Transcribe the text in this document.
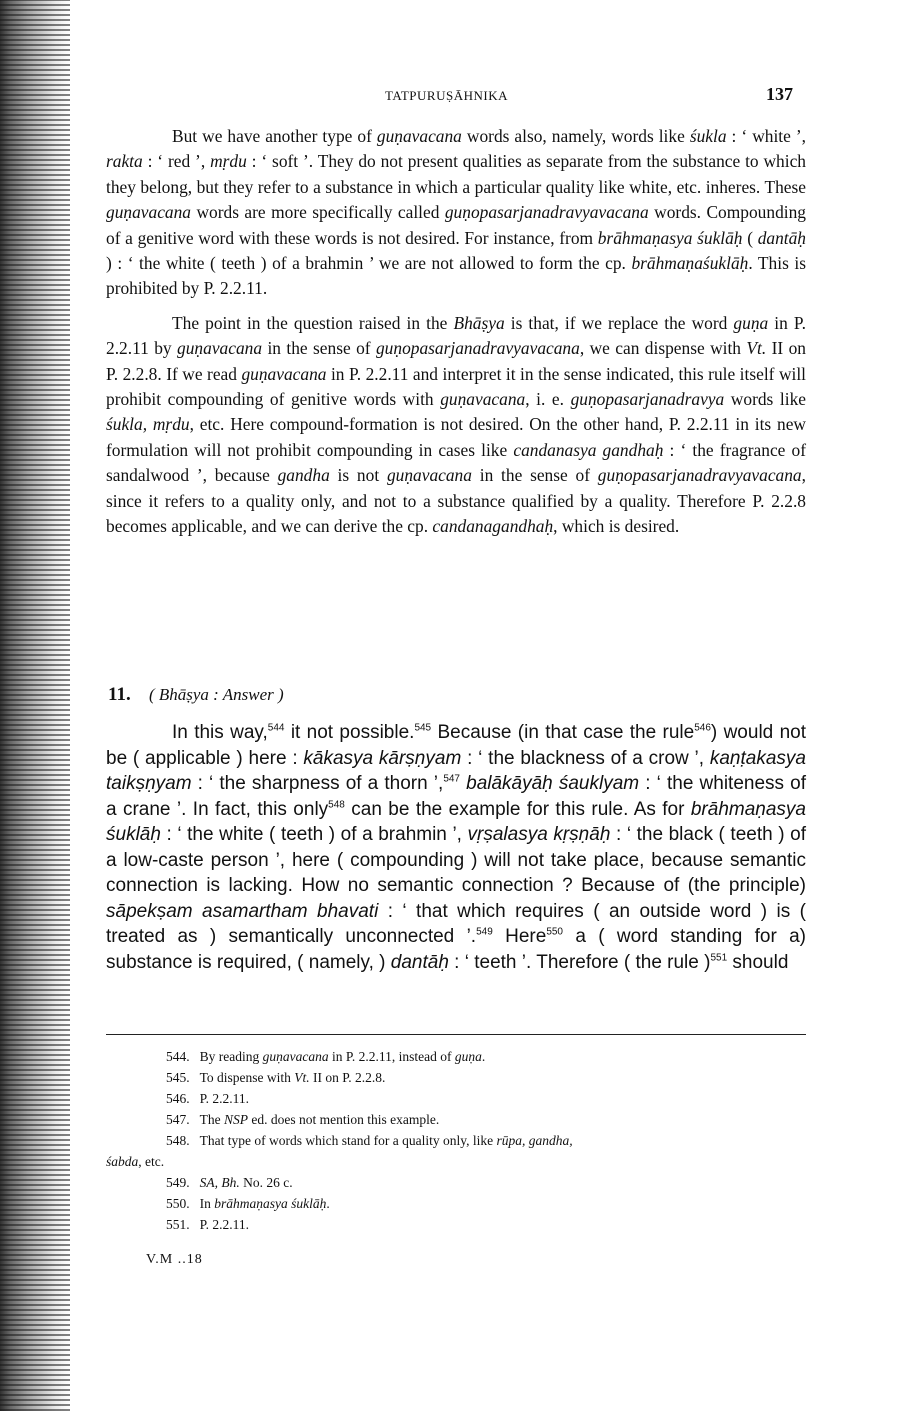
TATPURUṢĀHNIKA	137

But we have another type of guṇavacana words also, namely, words like śukla : ‘ white ’, rakta : ‘ red ’, mṛdu : ‘ soft ’. They do not present qualities as separate from the substance to which they belong, but they refer to a substance in which a particular quality like white, etc. inheres. These guṇavacana words are more specifically called guṇopasarjanadravyavacana words. Compounding of a genitive word with these words is not desired. For instance, from brāhmaṇasya śuklāḥ ( dantāḥ ) : ‘ the white ( teeth ) of a brahmin ’ we are not allowed to form the cp. brāhmaṇaśuklāḥ. This is prohibited by P. 2.2.11.

The point in the question raised in the Bhāṣya is that, if we replace the word guṇa in P. 2.2.11 by guṇavacana in the sense of guṇopasarjanadravyavacana, we can dispense with Vt. II on P. 2.2.8. If we read guṇavacana in P. 2.2.11 and interpret it in the sense indicated, this rule itself will prohibit compounding of genitive words with guṇavacana, i. e. guṇopasarjanadravya words like śukla, mṛdu, etc. Here compound-formation is not desired. On the other hand, P. 2.2.11 in its new formulation will not prohibit compounding in cases like candanasya gandhaḥ : ‘ the fragrance of sandalwood ’, because gandha is not guṇavacana in the sense of guṇopasarjanadravyavacana, since it refers to a quality only, and not to a substance qualified by a quality. Therefore P. 2.2.8 becomes applicable, and we can derive the cp. candanagandhaḥ, which is desired.

11. ( Bhāṣya : Answer )

In this way,$^{544}$ it not possible.$^{545}$ Because (in that case the rule$^{546}$) would not be ( applicable ) here : kākasya kārṣṇyam : ‘ the blackness of a crow ’, kaṇṭakasya taikṣṇyam : ‘ the sharpness of a thorn ’,$^{547}$ balākāyāḥ śauklyam : ‘ the whiteness of a crane ’. In fact, this only$^{548}$ can be the example for this rule. As for brāhmaṇasya śuklāḥ : ‘ the white ( teeth ) of a brahmin ’, vṛṣalasya kṛṣṇāḥ : ‘ the black ( teeth ) of a low-caste person ’, here ( compounding ) will not take place, because semantic connection is lacking. How no semantic connection ? Because of (the principle) sāpekṣam asamartham bhavati : ‘ that which requires ( an outside word ) is ( treated as ) semantically unconnected ’.$^{549}$ Here$^{550}$ a ( word standing for a) substance is required, ( namely, ) dantāḥ : ‘ teeth ’. Therefore ( the rule )$^{551}$ should

544. By reading guṇavacana in P. 2.2.11, instead of guṇa.
545. To dispense with Vt. II on P. 2.2.8.
546. P. 2.2.11.
547. The NSP ed. does not mention this example.
548. That type of words which stand for a quality only, like rūpa, gandha,
śabda, etc.
549. SA, Bh. No. 26 c.
550. In brāhmaṇasya śuklāḥ.
551. P. 2.2.11.
V.M ..18
